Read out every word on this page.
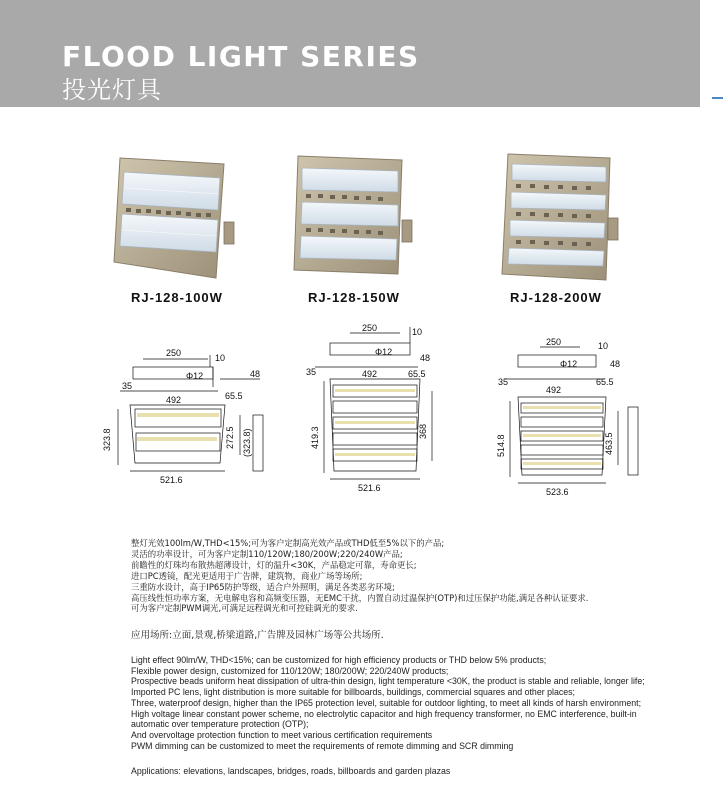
FLOOD LIGHT SERIES
投光灯具
RJ-128-100W	RJ-128-150W	RJ-128-200W
250	10
Φ12
35
492
48
65.5
323.8	272.5 (323.8)
521.6
250	10
Φ12
35	492
48
65.5
419.3	368
521.6
250	10
Φ12
35
492
48
65.5
514.8	463.5
523.6
整灯光效100lm/W,THD<15%;可为客户定制高光效产品或THD低至5%以下的产品;
灵活的功率设计，可为客户定制110/120W;180/200W;220/240W产品;
前瞻性的灯珠均布散热超薄设计，灯的温升<30K，产品稳定可靠，寿命更长;
进口PC透镜，配光更适用于广告牌，建筑物，商业广场等场所;
三重防水设计，高于IP65防护等级，适合户外照明，满足各类恶劣环境;
高压线性恒功率方案，无电解电容和高频变压器，无EMC干扰，内置自动过温保护(OTP)和过压保护功能,满足各种认证要求.
可为客户定制PWM调光,可满足远程调光和可控硅调光的要求.
应用场所:立面,景观,桥梁道路,广告牌及园林广场等公共场所.
Light effect 90lm/W, THD<15%; can be customized for high efficiency products or THD below 5% products;
Flexible power design, customized for 110/120W; 180/200W; 220/240W products;
Prospective beads uniform heat dissipation of ultra-thin design, light temperature <30K, the product is stable and reliable, longer life;
Imported PC lens, light distribution is more suitable for billboards, buildings, commercial squares and other places;
Three, waterproof design, higher than the IP65 protection level, suitable for outdoor lighting, to meet all kinds of harsh environment;
High voltage linear constant power scheme, no electrolytic capacitor and high frequency transformer, no EMC interference, built-in
automatic over temperature protection (OTP);
And overvoltage protection function to meet various certification requirements
PWM dimming can be customized to meet the requirements of remote dimming and SCR dimming
Applications: elevations, landscapes, bridges, roads, billboards and garden plazas
